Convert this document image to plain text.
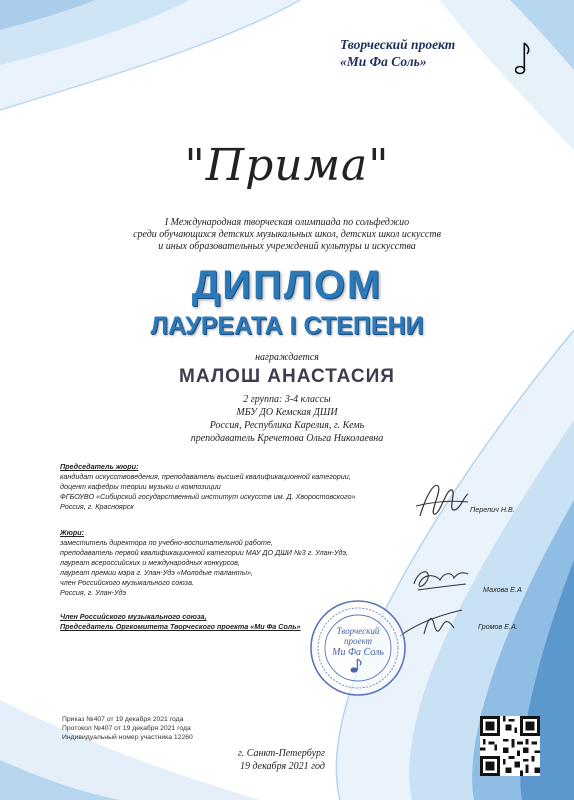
Творческий проект
«Ми Фа Соль»
"Прима"
I Международная творческая олимпиада по сольфеджио
среди обучающихся детских музыкальных школ, детских школ искусств
и иных образовательных учреждений культуры и искусства
ДИПЛОМ
ЛАУРЕАТА I СТЕПЕНИ
награждается
МАЛОШ АНАСТАСИЯ
2 группа: 3-4 классы
МБУ ДО Кемская ДШИ
Россия, Республика Карелия, г. Кемь
преподаватель Кречетова Ольга Николаевна
Председатель жюри:
кандидат искусствоведения, преподаватель высшей квалификационной категории,
доцент кафедры теории музыки и композиции
ФГБОУВО «Сибирский государственный институт искусств им. Д. Хворостовского»
Россия, г. Красноярск	Перепич Н.В.
Жюри:
заместитель директора по учебно-воспитательной работе,
преподаватель первой квалификационной категории МАУ ДО ДШИ №3 г. Улан-Удэ,
лауреат всероссийских и международных конкурсов,
лауреат премии мэра г. Улан-Удэ «Молодые таланты»,
член Российского музыкального союза.
Россия, г. Улан-Удэ	Махова Е.А
Член Российского музыкального союза,
Председатель Оргкомитета Творческого проекта «Ми Фа Соль»	Громов Е.А.
Творческий
проект
Ми Фа Соль
Приказ №407 от 19 декабря 2021 года
Протокол №407 от 19 декабря 2021 года
Индивидуальный номер участника 12260
г. Санкт-Петербург
19 декабря 2021 год
